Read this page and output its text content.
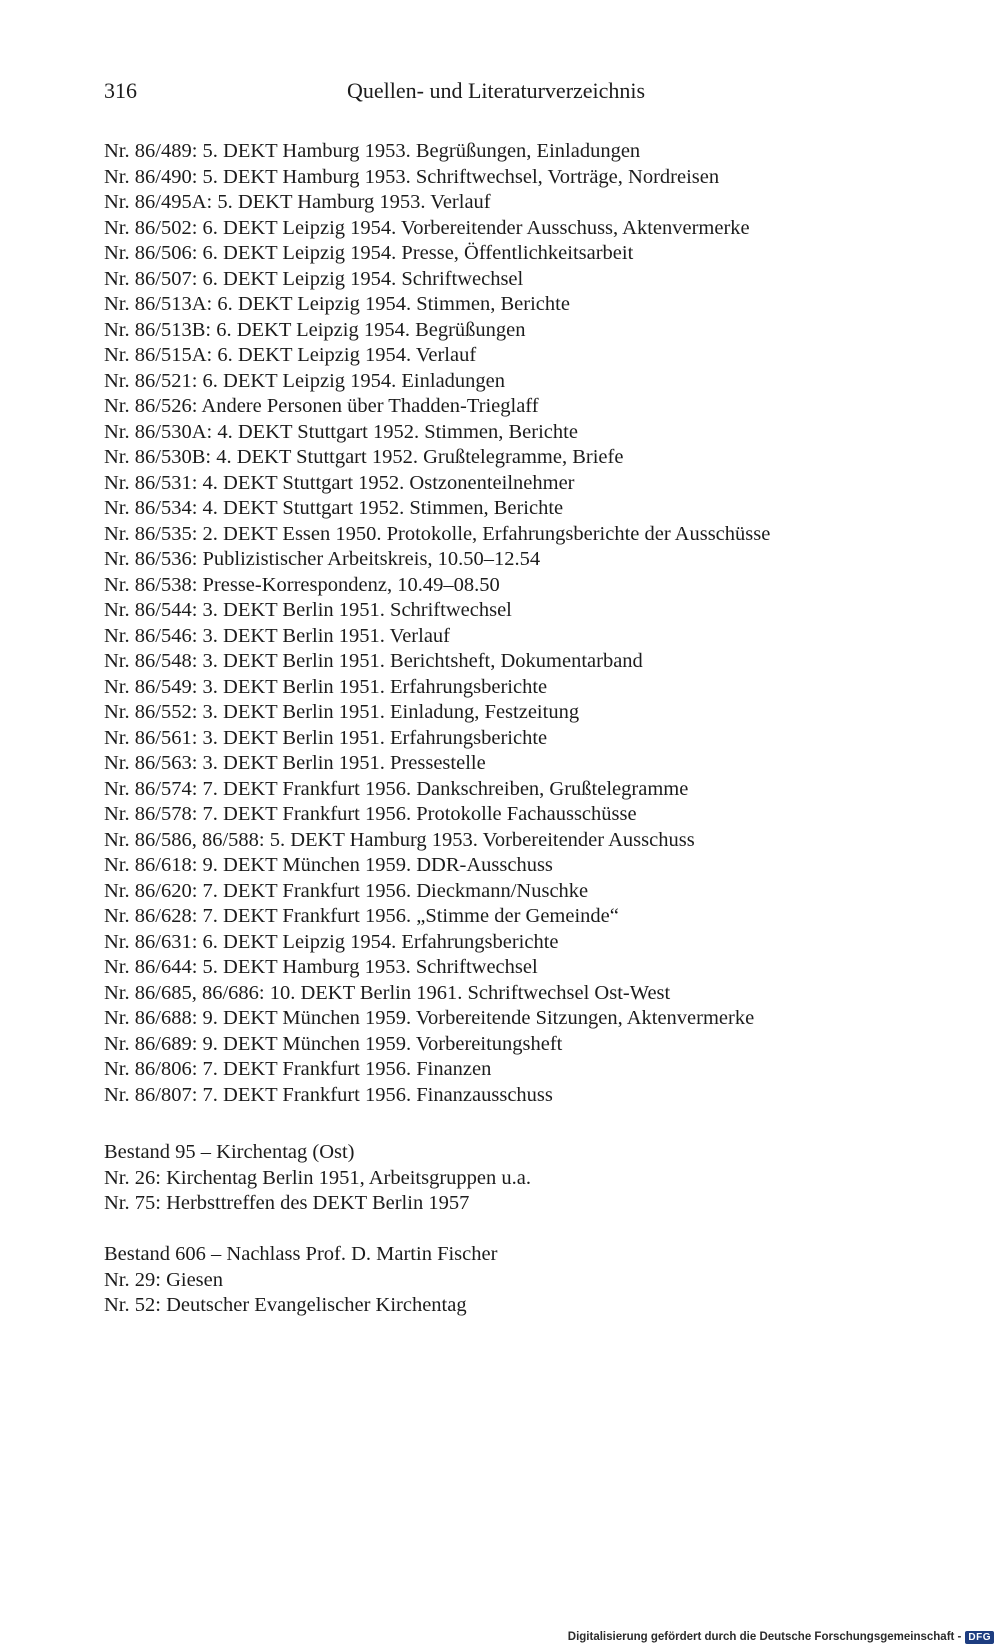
316	Quellen- und Literaturverzeichnis
Nr. 86/489: 5. DEKT Hamburg 1953. Begrüßungen, Einladungen
Nr. 86/490: 5. DEKT Hamburg 1953. Schriftwechsel, Vorträge, Nordreisen
Nr. 86/495A: 5. DEKT Hamburg 1953. Verlauf
Nr. 86/502: 6. DEKT Leipzig 1954. Vorbereitender Ausschuss, Aktenvermerke
Nr. 86/506: 6. DEKT Leipzig 1954. Presse, Öffentlichkeitsarbeit
Nr. 86/507: 6. DEKT Leipzig 1954. Schriftwechsel
Nr. 86/513A: 6. DEKT Leipzig 1954. Stimmen, Berichte
Nr. 86/513B: 6. DEKT Leipzig 1954. Begrüßungen
Nr. 86/515A: 6. DEKT Leipzig 1954. Verlauf
Nr. 86/521: 6. DEKT Leipzig 1954. Einladungen
Nr. 86/526: Andere Personen über Thadden-Trieglaff
Nr. 86/530A: 4. DEKT Stuttgart 1952. Stimmen, Berichte
Nr. 86/530B: 4. DEKT Stuttgart 1952. Grußtelegramme, Briefe
Nr. 86/531: 4. DEKT Stuttgart 1952. Ostzonenteilnehmer
Nr. 86/534: 4. DEKT Stuttgart 1952. Stimmen, Berichte
Nr. 86/535: 2. DEKT Essen 1950. Protokolle, Erfahrungsberichte der Ausschüsse
Nr. 86/536: Publizistischer Arbeitskreis, 10.50–12.54
Nr. 86/538: Presse-Korrespondenz, 10.49–08.50
Nr. 86/544: 3. DEKT Berlin 1951. Schriftwechsel
Nr. 86/546: 3. DEKT Berlin 1951. Verlauf
Nr. 86/548: 3. DEKT Berlin 1951. Berichtsheft, Dokumentarband
Nr. 86/549: 3. DEKT Berlin 1951. Erfahrungsberichte
Nr. 86/552: 3. DEKT Berlin 1951. Einladung, Festzeitung
Nr. 86/561: 3. DEKT Berlin 1951. Erfahrungsberichte
Nr. 86/563: 3. DEKT Berlin 1951. Pressestelle
Nr. 86/574: 7. DEKT Frankfurt 1956. Dankschreiben, Grußtelegramme
Nr. 86/578: 7. DEKT Frankfurt 1956. Protokolle Fachausschüsse
Nr. 86/586, 86/588: 5. DEKT Hamburg 1953. Vorbereitender Ausschuss
Nr. 86/618: 9. DEKT München 1959. DDR-Ausschuss
Nr. 86/620: 7. DEKT Frankfurt 1956. Dieckmann/Nuschke
Nr. 86/628: 7. DEKT Frankfurt 1956. „Stimme der Gemeinde“
Nr. 86/631: 6. DEKT Leipzig 1954. Erfahrungsberichte
Nr. 86/644: 5. DEKT Hamburg 1953. Schriftwechsel
Nr. 86/685, 86/686: 10. DEKT Berlin 1961. Schriftwechsel Ost-West
Nr. 86/688: 9. DEKT München 1959. Vorbereitende Sitzungen, Aktenvermerke
Nr. 86/689: 9. DEKT München 1959. Vorbereitungsheft
Nr. 86/806: 7. DEKT Frankfurt 1956. Finanzen
Nr. 86/807: 7. DEKT Frankfurt 1956. Finanzausschuss
Bestand 95 – Kirchentag (Ost)
Nr. 26: Kirchentag Berlin 1951, Arbeitsgruppen u.a.
Nr. 75: Herbsttreffen des DEKT Berlin 1957
Bestand 606 – Nachlass Prof. D. Martin Fischer
Nr. 29: Giesen
Nr. 52: Deutscher Evangelischer Kirchentag
Digitalisierung gefördert durch die Deutsche Forschungsgemeinschaft - DFG
